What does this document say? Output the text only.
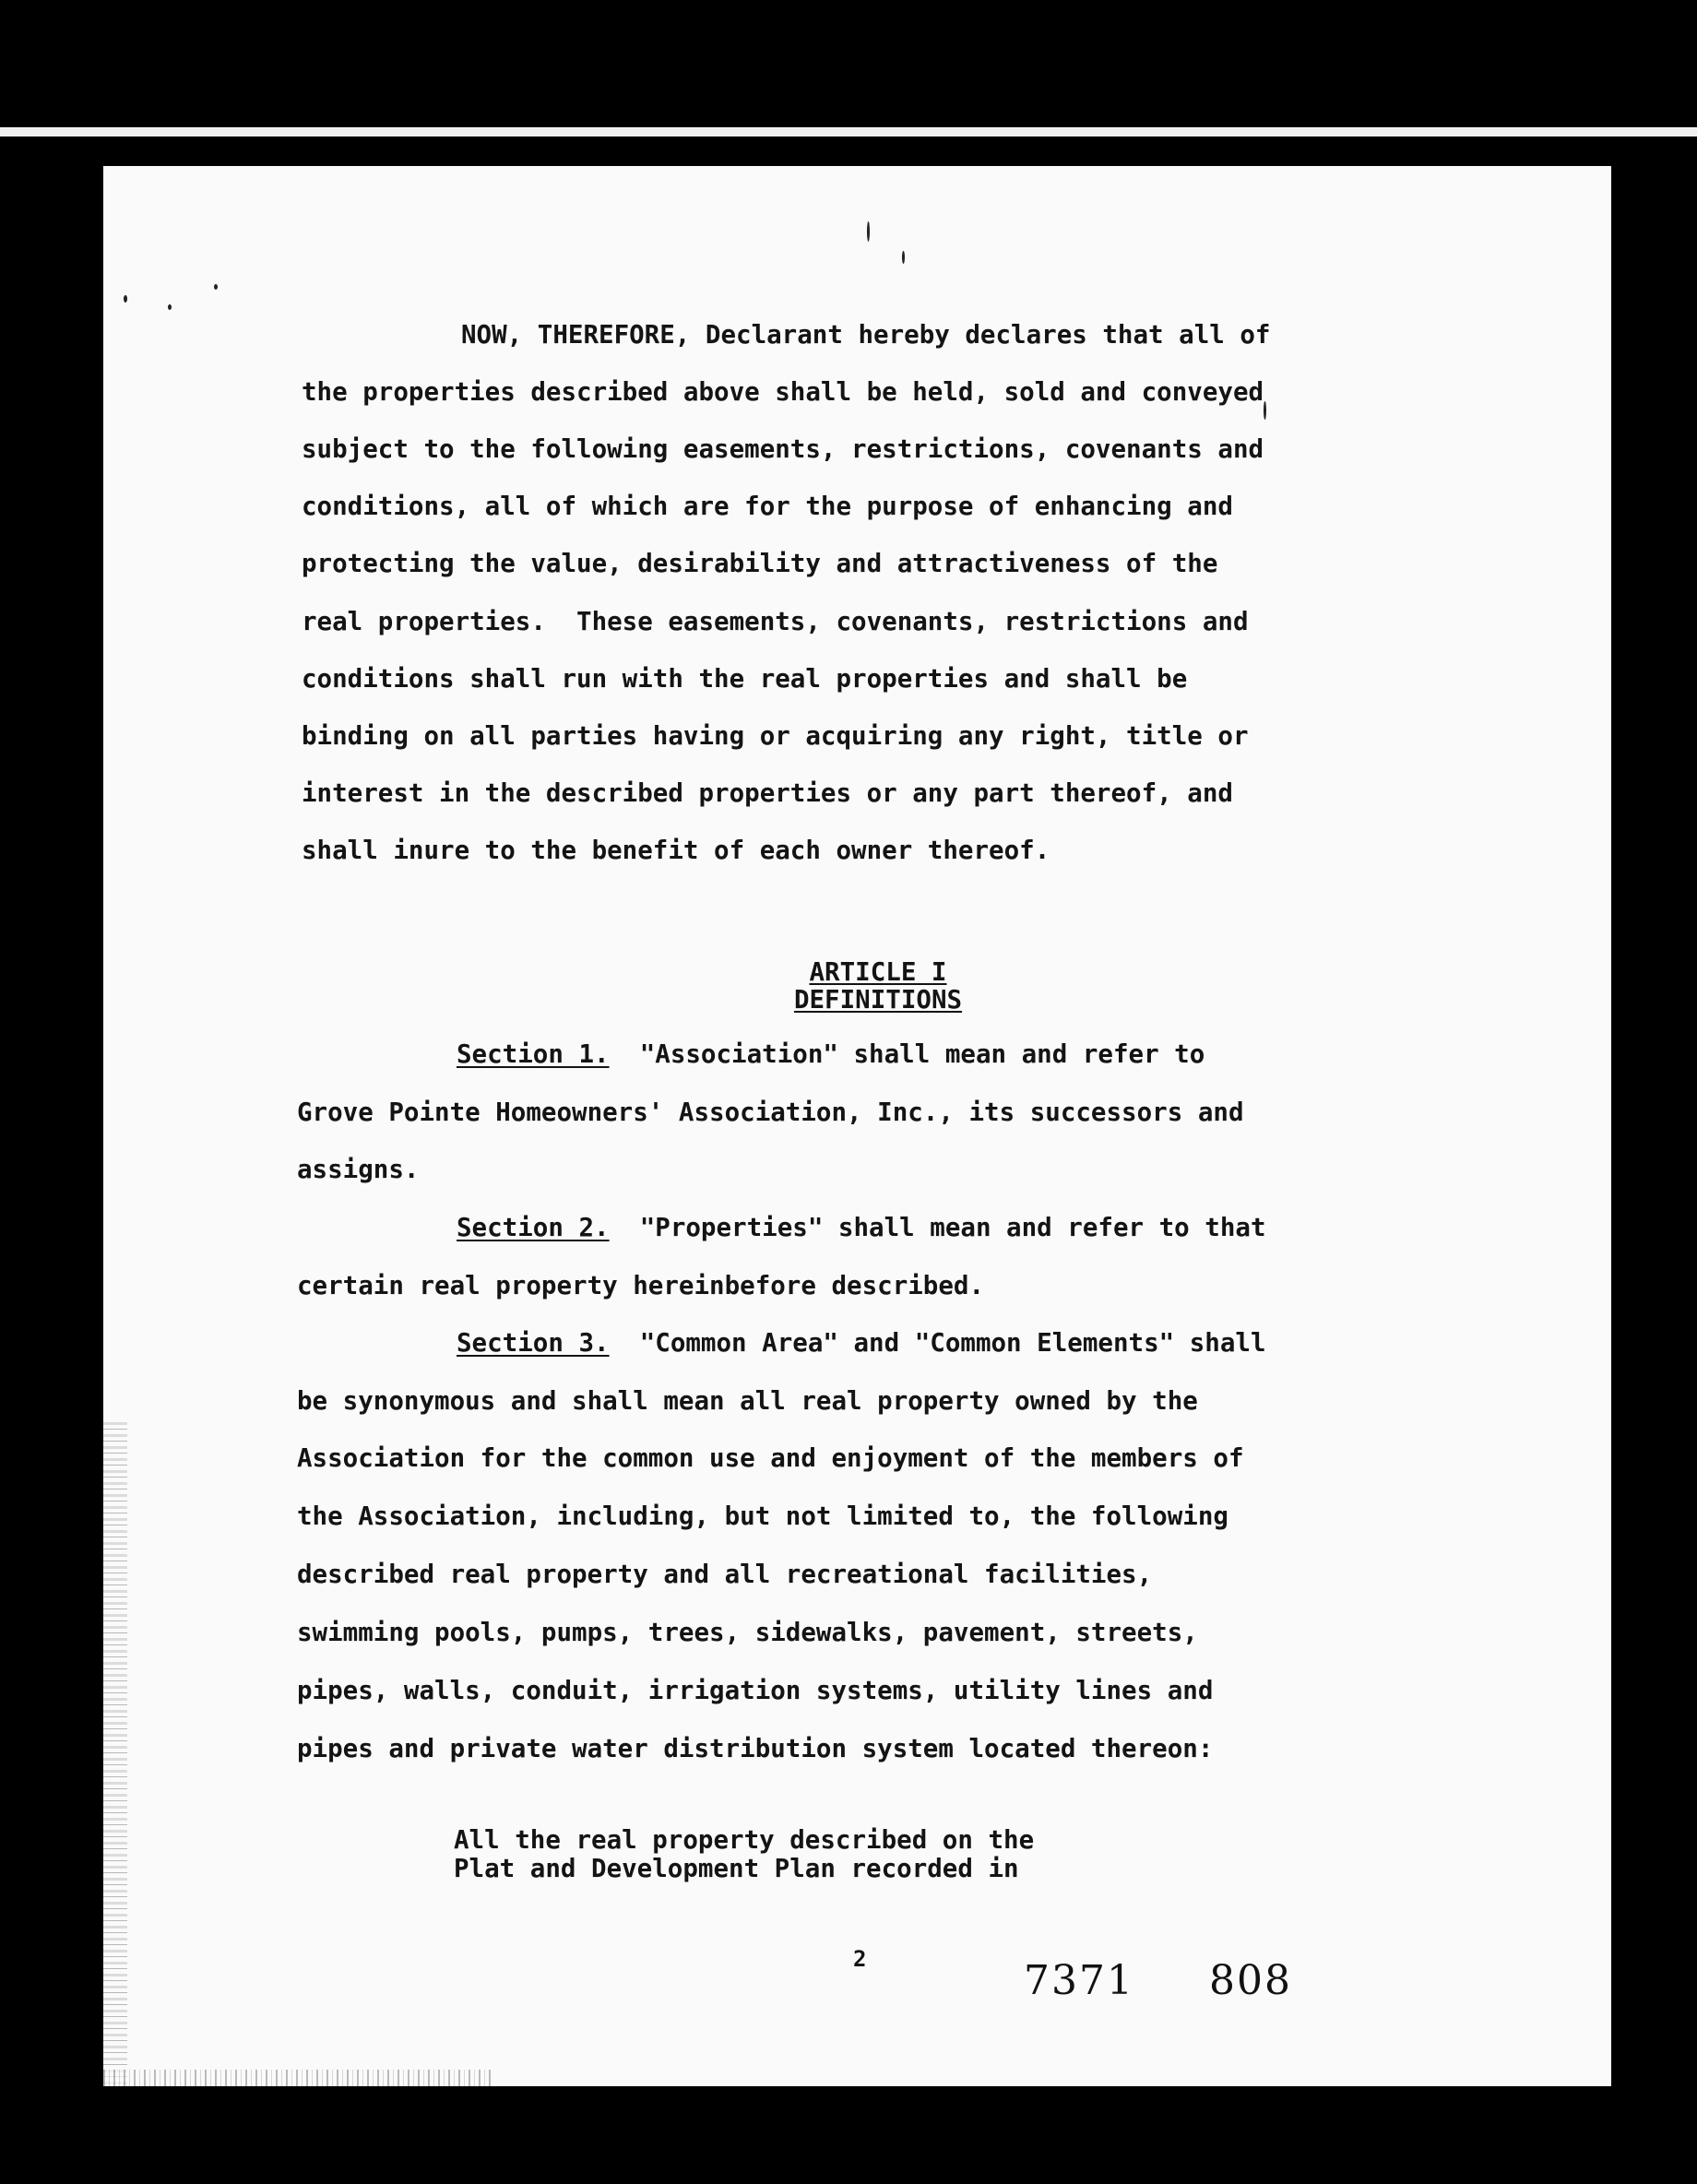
NOW, THEREFORE, Declarant hereby declares that all of
the properties described above shall be held, sold and conveyed
subject to the following easements, restrictions, covenants and
conditions, all of which are for the purpose of enhancing and
protecting the value, desirability and attractiveness of the
real properties.  These easements, covenants, restrictions and
conditions shall run with the real properties and shall be
binding on all parties having or acquiring any right, title or
interest in the described properties or any part thereof, and
shall inure to the benefit of each owner thereof.
ARTICLE I
DEFINITIONS
Section 1. "Association" shall mean and refer to
Grove Pointe Homeowners' Association, Inc., its successors and
assigns.
Section 2. "Properties" shall mean and refer to that
certain real property hereinbefore described.
Section 3. "Common Area" and "Common Elements" shall
be synonymous and shall mean all real property owned by the
Association for the common use and enjoyment of the members of
the Association, including, but not limited to, the following
described real property and all recreational facilities,
swimming pools, pumps, trees, sidewalks, pavement, streets,
pipes, walls, conduit, irrigation systems, utility lines and
pipes and private water distribution system located thereon:
All the real property described on the
Plat and Development Plan recorded in
2	7371 808
